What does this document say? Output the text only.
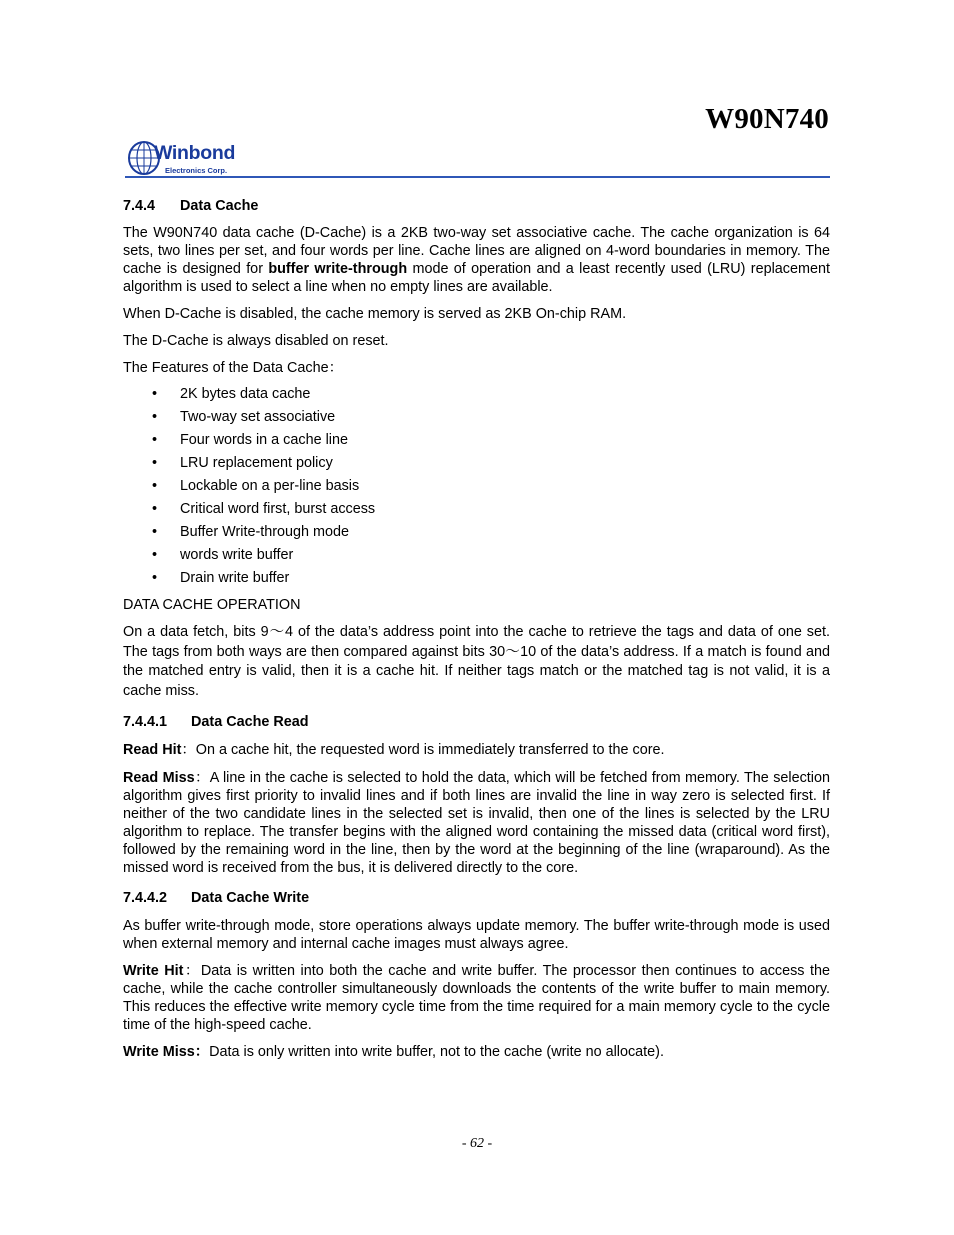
W90N740
Winbond
Electronics Corp.
7.4.4 Data Cache

The W90N740 data cache (D-Cache) is a 2KB two-way set associative cache. The cache organization is 64 sets, two lines per set, and four words per line. Cache lines are aligned on 4-word boundaries in memory. The cache is designed for buffer write-through mode of operation and a least recently used (LRU) replacement algorithm is used to select a line when no empty lines are available.

When D-Cache is disabled, the cache memory is served as 2KB On-chip RAM.

The D-Cache is always disabled on reset.

The Features of the Data Cache：

• 2K bytes data cache
• Two-way set associative
• Four words in a cache line
• LRU replacement policy
• Lockable on a per-line basis
• Critical word first, burst access
• Buffer Write-through mode
• words write buffer
• Drain write buffer
DATA CACHE OPERATION

On a data fetch, bits 9～4 of the data’s address point into the cache to retrieve the tags and data of one set. The tags from both ways are then compared against bits 30～10 of the data’s address. If a match is found and the matched entry is valid, then it is a cache hit. If neither tags match or the matched tag is not valid, it is a cache miss.

7.4.4.1 Data Cache Read

Read Hit：On a cache hit, the requested word is immediately transferred to the core.

Read Miss：A line in the cache is selected to hold the data, which will be fetched from memory. The selection algorithm gives first priority to invalid lines and if both lines are invalid the line in way zero is selected first. If neither of the two candidate lines in the selected set is invalid, then one of the lines is selected by the LRU algorithm to replace. The transfer begins with the aligned word containing the missed data (critical word first), followed by the remaining word in the line, then by the word at the beginning of the line (wraparound). As the missed word is received from the bus, it is delivered directly to the core.

7.4.4.2 Data Cache Write

As buffer write-through mode, store operations always update memory. The buffer write-through mode is used when external memory and internal cache images must always agree.

Write Hit：Data is written into both the cache and write buffer. The processor then continues to access the cache, while the cache controller simultaneously downloads the contents of the write buffer to main memory. This reduces the effective write memory cycle time from the time required for a main memory cycle to the cycle time of the high-speed cache.

Write Miss：Data is only written into write buffer, not to the cache (write no allocate).

- 62 -
